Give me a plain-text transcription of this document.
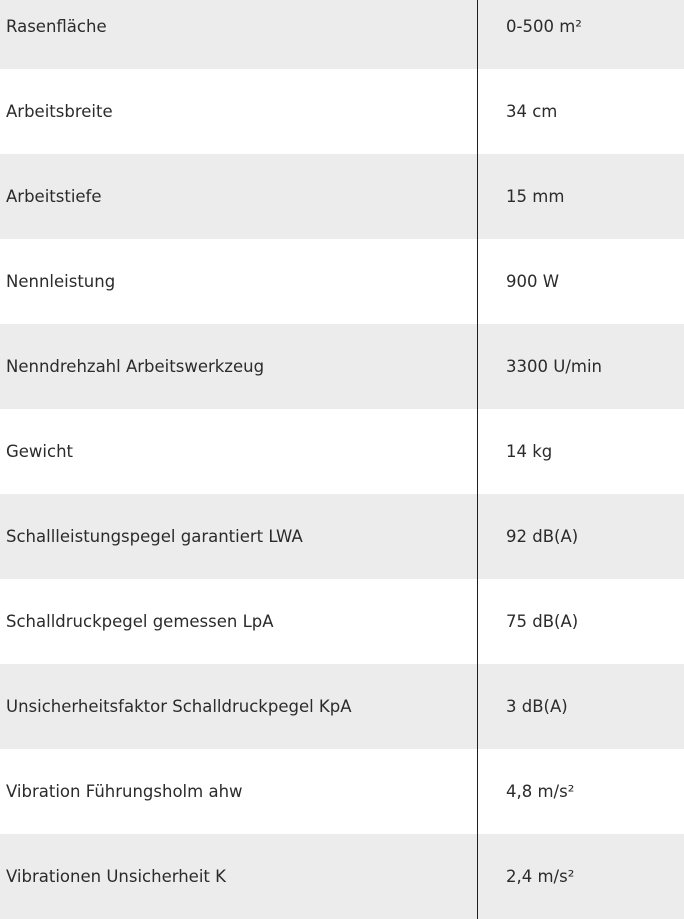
Rasenfläche	0-500 m²
Arbeitsbreite	34 cm
Arbeitstiefe	15 mm
Nennleistung	900 W
Nenndrehzahl Arbeitswerkzeug	3300 U/min
Gewicht	14 kg
Schallleistungspegel garantiert LWA	92 dB(A)
Schalldruckpegel gemessen LpA	75 dB(A)
Unsicherheitsfaktor Schalldruckpegel KpA	3 dB(A)
Vibration Führungsholm ahw	4,8 m/s²
Vibrationen Unsicherheit K	2,4 m/s²
